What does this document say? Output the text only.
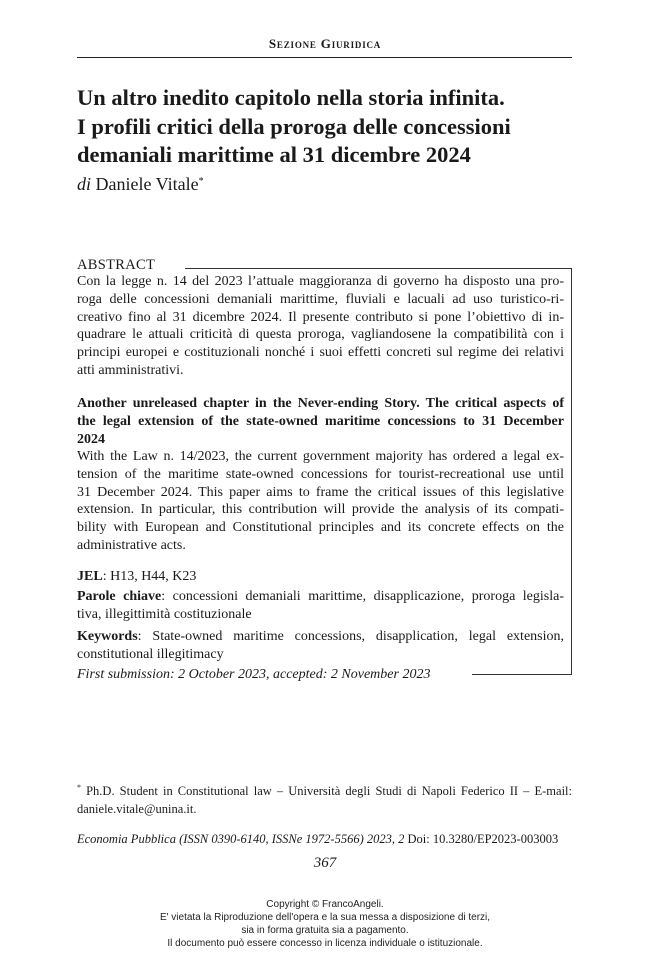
Sezione Giuridica
Un altro inedito capitolo nella storia infinita.
I profili critici della proroga delle concessioni
demaniali marittime al 31 dicembre 2024
di Daniele Vitale*
ABSTRACT
Con la legge n. 14 del 2023 l’attuale maggioranza di governo ha disposto una pro-
roga delle concessioni demaniali marittime, fluviali e lacuali ad uso turistico-ri-
creativo fino al 31 dicembre 2024. Il presente contributo si pone l’obiettivo di in-
quadrare le attuali criticità di questa proroga, vagliandosene la compatibilità con i
principi europei e costituzionali nonché i suoi effetti concreti sul regime dei relativi
atti amministrativi.
Another unreleased chapter in the Never-ending Story. The critical aspects of
the legal extension of the state-owned maritime concessions to 31 December
2024
With the Law n. 14/2023, the current government majority has ordered a legal ex-
tension of the maritime state-owned concessions for tourist-recreational use until
31 December 2024. This paper aims to frame the critical issues of this legislative
extension. In particular, this contribution will provide the analysis of its compati-
bility with European and Constitutional principles and its concrete effects on the
administrative acts.
JEL: H13, H44, K23
Parole chiave: concessioni demaniali marittime, disapplicazione, proroga legisla-
tiva, illegittimità costituzionale
Keywords: State-owned maritime concessions, disapplication, legal extension,
constitutional illegitimacy
First submission: 2 October 2023, accepted: 2 November 2023
* Ph.D. Student in Constitutional law – Università degli Studi di Napoli Federico II – E-mail:
daniele.vitale@unina.it.
Economia Pubblica (ISSN 0390-6140, ISSNe 1972-5566) 2023, 2 Doi: 10.3280/EP2023-003003
367
Copyright © FrancoAngeli.
E' vietata la Riproduzione dell'opera e la sua messa a disposizione di terzi,
sia in forma gratuita sia a pagamento.
Il documento può essere concesso in licenza individuale o istituzionale.
